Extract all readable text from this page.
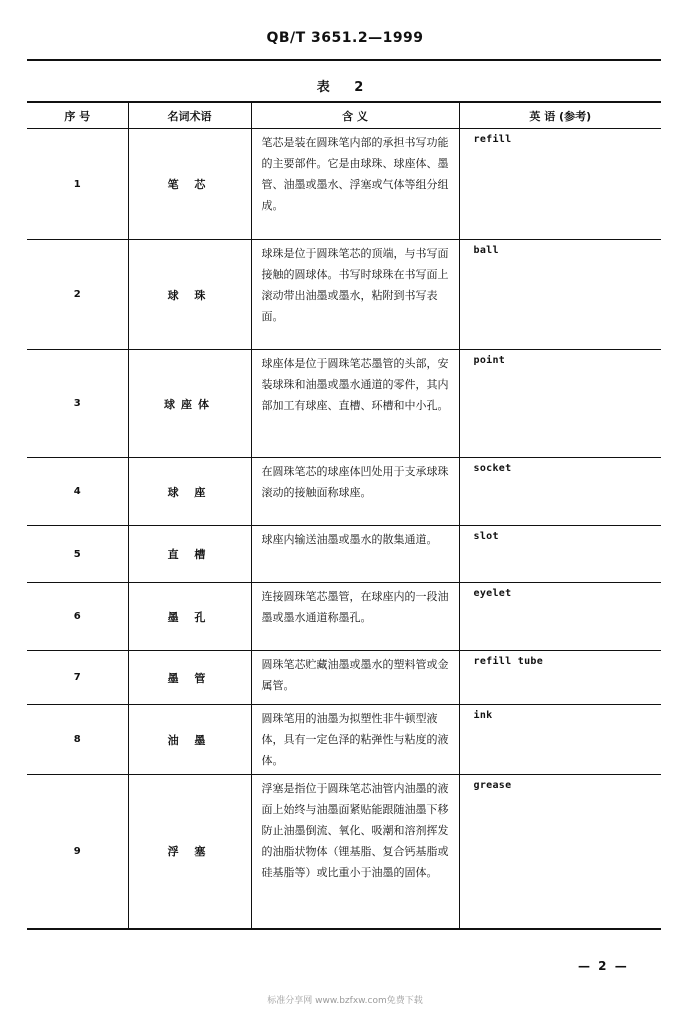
QB/T 3651.2—1999
表 2
序 号	名词术语	含 义	英 语 (参考)
1	笔 芯	笔芯是装在圆珠笔内部的承担书写功能的主要部件。它是由球珠、球座体、墨管、油墨或墨水、浮塞或气体等组分组成。	refill
2	球 珠	球珠是位于圆珠笔芯的顶端，与书写面接触的圆球体。书写时球珠在书写面上滚动带出油墨或墨水，粘附到书写表面。	ball
3	球座体	球座体是位于圆珠笔芯墨管的头部，安装球珠和油墨或墨水通道的零件，其内部加工有球座、直槽、环槽和中小孔。	point
4	球 座	在圆珠笔芯的球座体凹处用于支承球珠滚动的接触面称球座。	socket
5	直 槽	球座内输送油墨或墨水的散集通道。	slot
6	墨 孔	连接圆珠笔芯墨管，在球座内的一段油墨或墨水通道称墨孔。	eyelet
7	墨 管	圆珠笔芯贮藏油墨或墨水的塑料管或金属管。	refill tube
8	油 墨	圆珠笔用的油墨为拟塑性非牛顿型液体，具有一定色泽的粘弹性与粘度的液体。	ink
9	浮 塞	浮塞是指位于圆珠笔芯油管内油墨的液面上始终与油墨面紧贴能跟随油墨下移防止油墨倒流、氧化、吸潮和溶剂挥发的油脂状物体（锂基脂、复合钙基脂或硅基脂等）或比重小于油墨的固体。	grease
— 2 —
标准分享网 www.bzfxw.com免费下载
